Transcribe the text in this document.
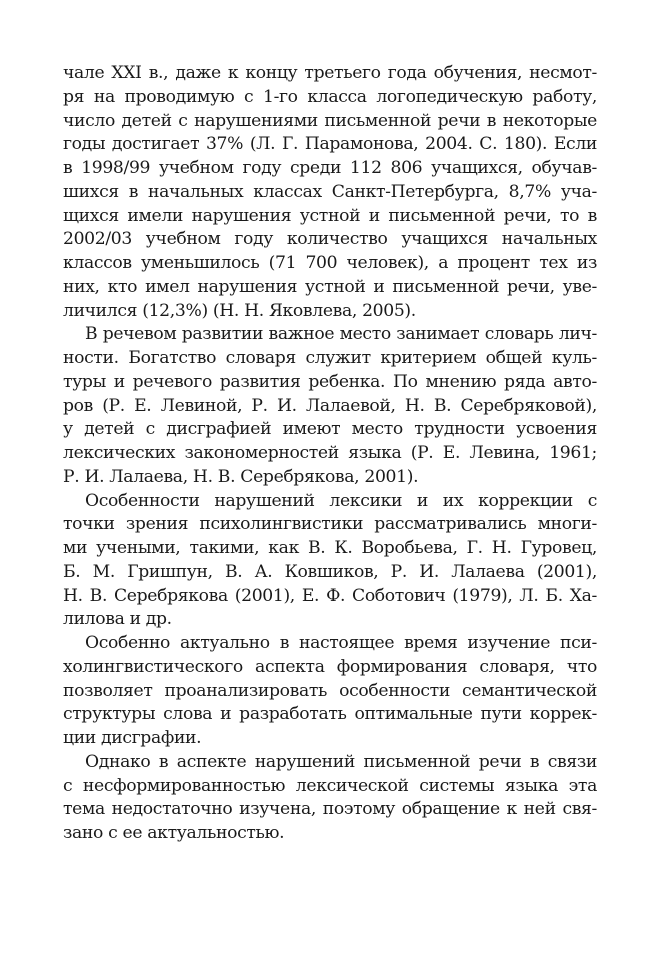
чале XXI в., даже к концу третьего года обучения, несмот-
ря на проводимую с 1-го класса логопедическую работу,
число детей с нарушениями письменной речи в некоторые
годы достигает 37% (Л. Г. Парамонова, 2004. С. 180). Если
в 1998/99 учебном году среди 112 806 учащихся, обучав-
шихся в начальных классах Санкт-Петербурга, 8,7% уча-
щихся имели нарушения устной и письменной речи, то в
2002/03 учебном году количество учащихся начальных
классов уменьшилось (71 700 человек), а процент тех из
них, кто имел нарушения устной и письменной речи, уве-
личился (12,3%) (Н. Н. Яковлева, 2005).
В речевом развитии важное место занимает словарь лич-
ности. Богатство словаря служит критерием общей куль-
туры и речевого развития ребенка. По мнению ряда авто-
ров (Р. Е. Левиной, Р. И. Лалаевой, Н. В. Серебряковой),
у детей с дисграфией имеют место трудности усвоения
лексических закономерностей языка (Р. Е. Левина, 1961;
Р. И. Лалаева, Н. В. Серебрякова, 2001).
Особенности нарушений лексики и их коррекции с
точки зрения психолингвистики рассматривались многи-
ми учеными, такими, как В. К. Воробьева, Г. Н. Гуровец,
Б. М. Гришпун, В. А. Ковшиков, Р. И. Лалаева (2001),
Н. В. Серебрякова (2001), Е. Ф. Соботович (1979), Л. Б. Ха-
лилова и др.
Особенно актуально в настоящее время изучение пси-
холингвистического аспекта формирования словаря, что
позволяет проанализировать особенности семантической
структуры слова и разработать оптимальные пути коррек-
ции дисграфии.
Однако в аспекте нарушений письменной речи в связи
с несформированностью лексической системы языка эта
тема недостаточно изучена, поэтому обращение к ней свя-
зано с ее актуальностью.
